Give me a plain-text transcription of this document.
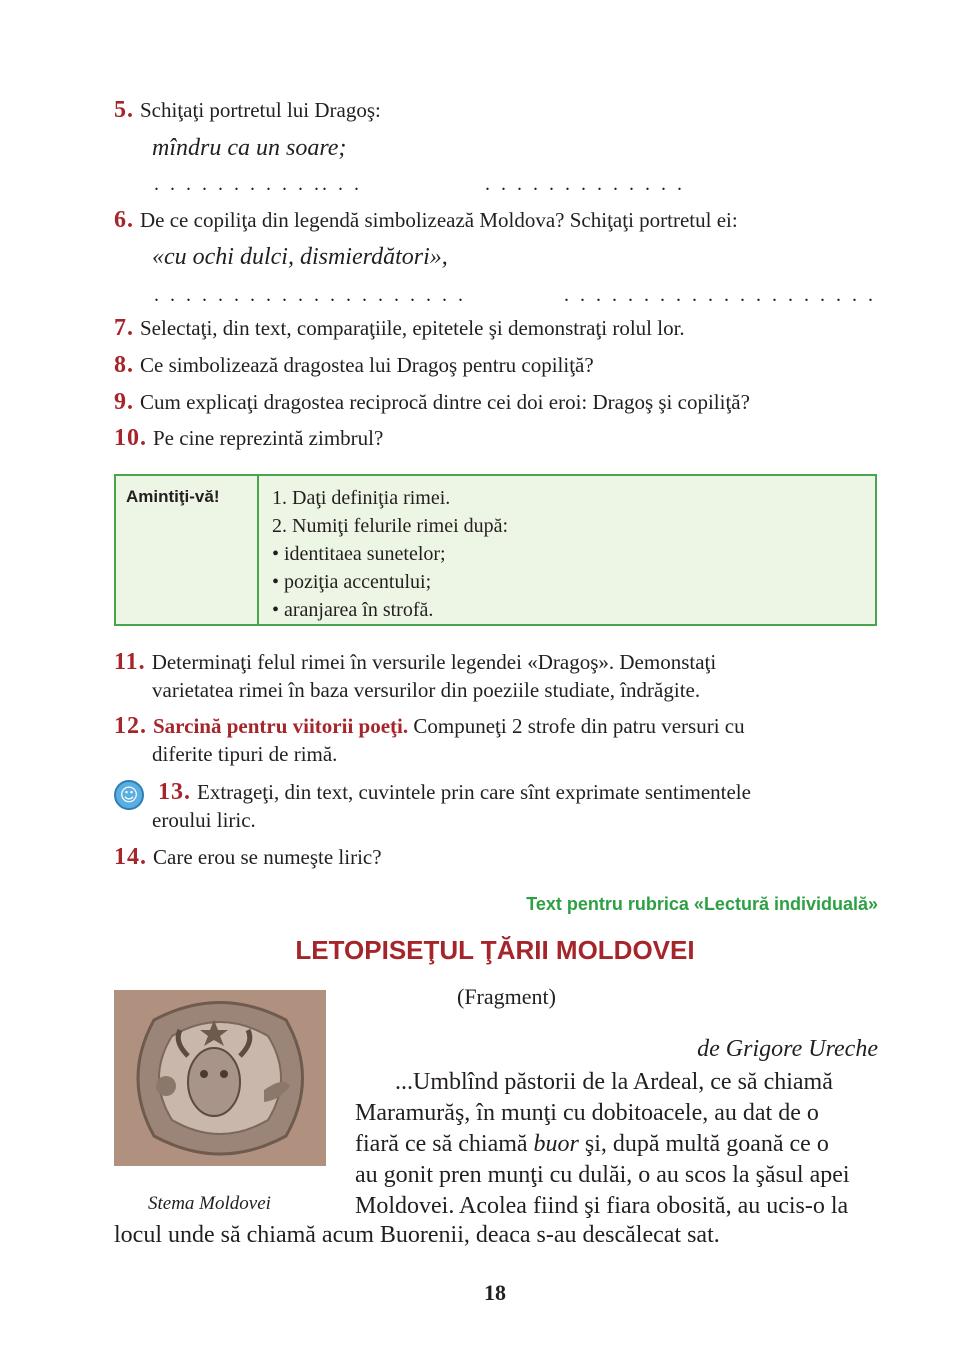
5. Schiţaţi portretul lui Dragoş:
mîndru ca un soare;
. . . . . . . . . . .. . .	. . . . . . . . . . . . .
6. De ce copiliţa din legendă simbolizează Moldova? Schiţaţi portretul ei:
«cu ochi dulci, dismierdători»,
. . . . . . . . . . . . . . . . . . . .	. . . . . . . . . . . . . . . . . . . .
7. Selectaţi, din text, comparaţiile, epitetele şi demonstraţi rolul lor.
8. Ce simbolizează dragostea lui Dragoş pentru copiliţă?
9. Cum explicaţi dragostea reciprocă dintre cei doi eroi: Dragoş şi copiliţă?
10. Pe cine reprezintă zimbrul?
Amintiţi-vă!	1. Daţi definiţia rimei.
2. Numiţi felurile rimei după:
• identitaea sunetelor;
• poziţia accentului;
• aranjarea în strofă.
11. Determinaţi felul rimei în versurile legendei «Dragoş». Demonstaţi
varietatea rimei în baza versurilor din poeziile studiate, îndrăgite.
12. Sarcină pentru viitorii poeţi. Compuneţi 2 strofe din patru versuri cu
diferite tipuri de rimă.
☺ 13. Extrageţi, din text, cuvintele prin care sînt exprimate sentimentele
eroului liric.
14. Care erou se numeşte liric?
Text pentru rubrica «Lectură individuală»
LETOPISEŢUL ŢĂRII MOLDOVEI
(Fragment)
Stema Moldovei
de Grigore Ureche
...Umblînd păstorii de la Ardeal, ce să chiamă
Maramurăş, în munţi cu dobitoacele, au dat de o
fiară ce să chiamă buor şi, după multă goană ce o
au gonit pren munţi cu dulăi, o au scos la şăsul apei
Moldovei. Acolea fiind şi fiara obosită, au ucis-o la
locul unde să chiamă acum Buorenii, deaca s-au descălecat sat.
18
